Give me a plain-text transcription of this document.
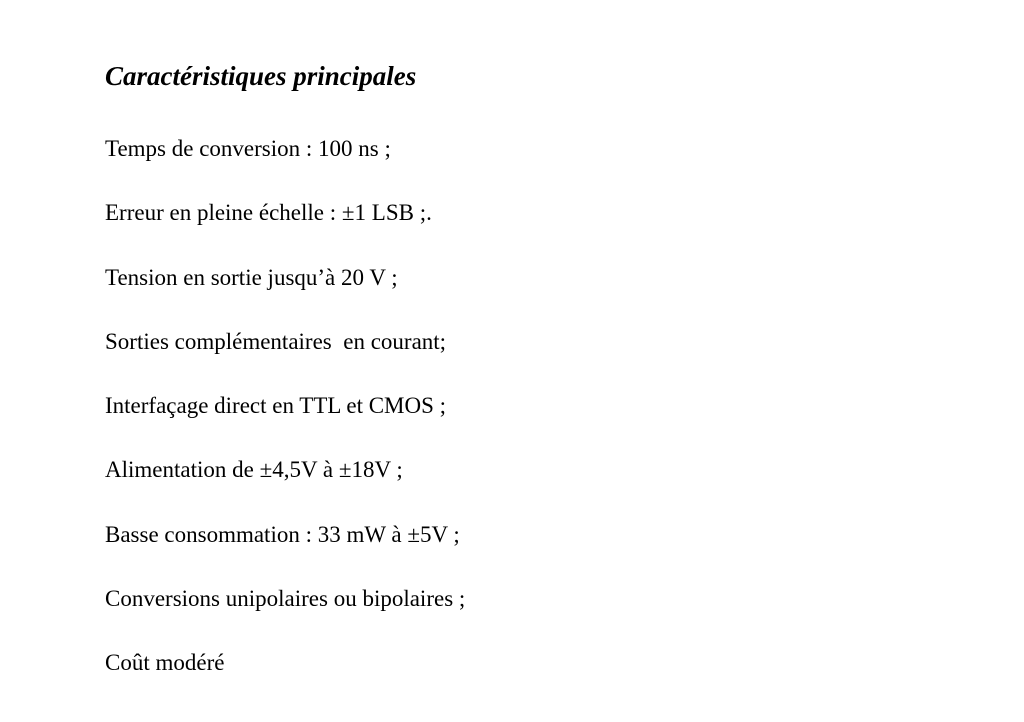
Caractéristiques principales
Temps de conversion : 100 ns ;
Erreur en pleine échelle : ±1 LSB ;.
Tension en sortie jusqu’à 20 V ;
Sorties complémentaires  en courant;
Interfaçage direct en TTL et CMOS ;
Alimentation de ±4,5V à ±18V ;
Basse consommation : 33 mW à ±5V ;
Conversions unipolaires ou bipolaires ;
Coût modéré
